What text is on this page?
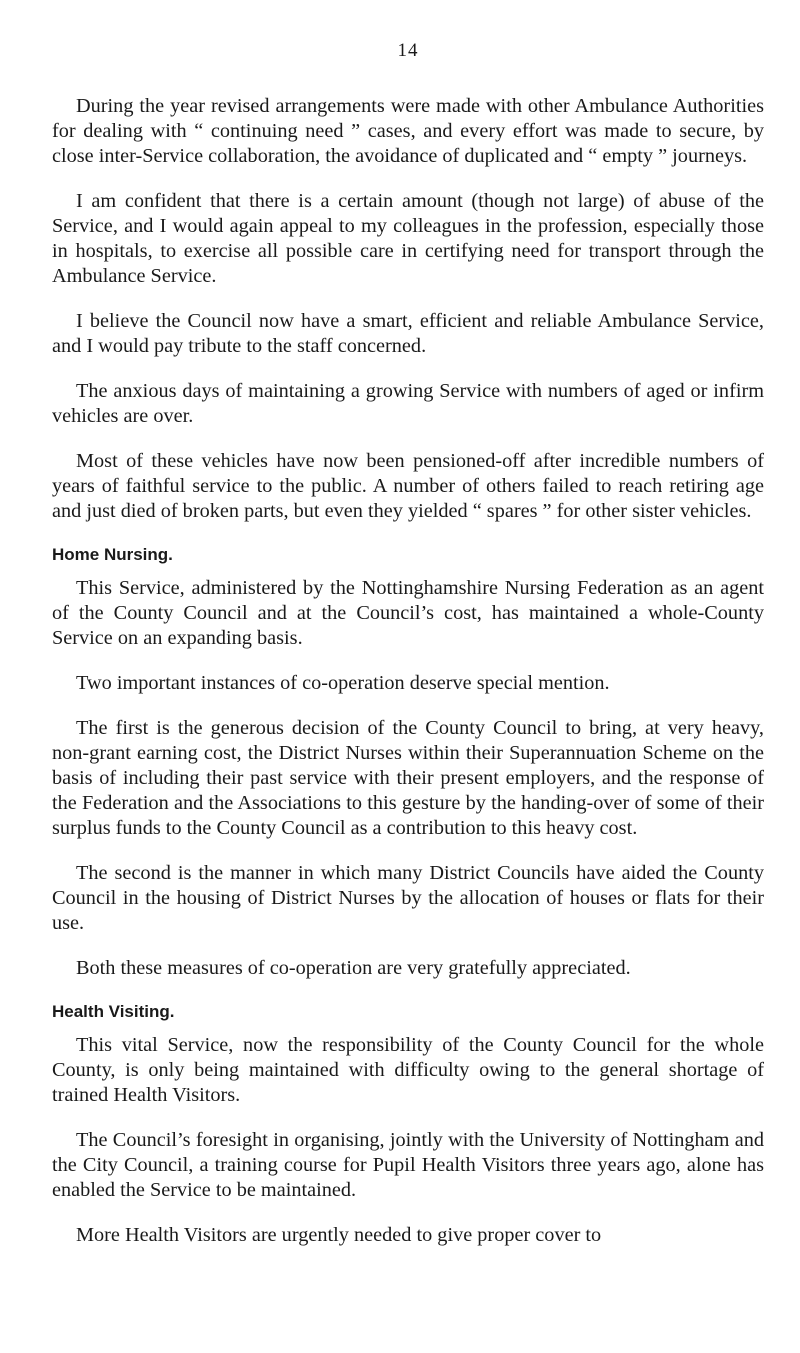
14

During the year revised arrangements were made with other Ambulance Authorities for dealing with “ continuing need ” cases, and every effort was made to secure, by close inter-Service collaboration, the avoidance of duplicated and “ empty ” journeys.

I am confident that there is a certain amount (though not large) of abuse of the Service, and I would again appeal to my colleagues in the profession, especially those in hospitals, to exercise all possible care in certifying need for transport through the Ambulance Service.

I believe the Council now have a smart, efficient and reliable Ambulance Service, and I would pay tribute to the staff concerned.

The anxious days of maintaining a growing Service with numbers of aged or infirm vehicles are over.

Most of these vehicles have now been pensioned-off after incredible numbers of years of faithful service to the public. A number of others failed to reach retiring age and just died of broken parts, but even they yielded “ spares ” for other sister vehicles.

Home Nursing.

This Service, administered by the Nottinghamshire Nursing Federation as an agent of the County Council and at the Council’s cost, has maintained a whole-County Service on an expanding basis.

Two important instances of co-operation deserve special mention.

The first is the generous decision of the County Council to bring, at very heavy, non-grant earning cost, the District Nurses within their Superannuation Scheme on the basis of including their past service with their present employers, and the response of the Federation and the Associations to this gesture by the handing-over of some of their surplus funds to the County Council as a contribution to this heavy cost.

The second is the manner in which many District Councils have aided the County Council in the housing of District Nurses by the allocation of houses or flats for their use.

Both these measures of co-operation are very gratefully appreciated.

Health Visiting.

This vital Service, now the responsibility of the County Council for the whole County, is only being maintained with difficulty owing to the general shortage of trained Health Visitors.

The Council’s foresight in organising, jointly with the University of Nottingham and the City Council, a training course for Pupil Health Visitors three years ago, alone has enabled the Service to be maintained.

More Health Visitors are urgently needed to give proper cover to
